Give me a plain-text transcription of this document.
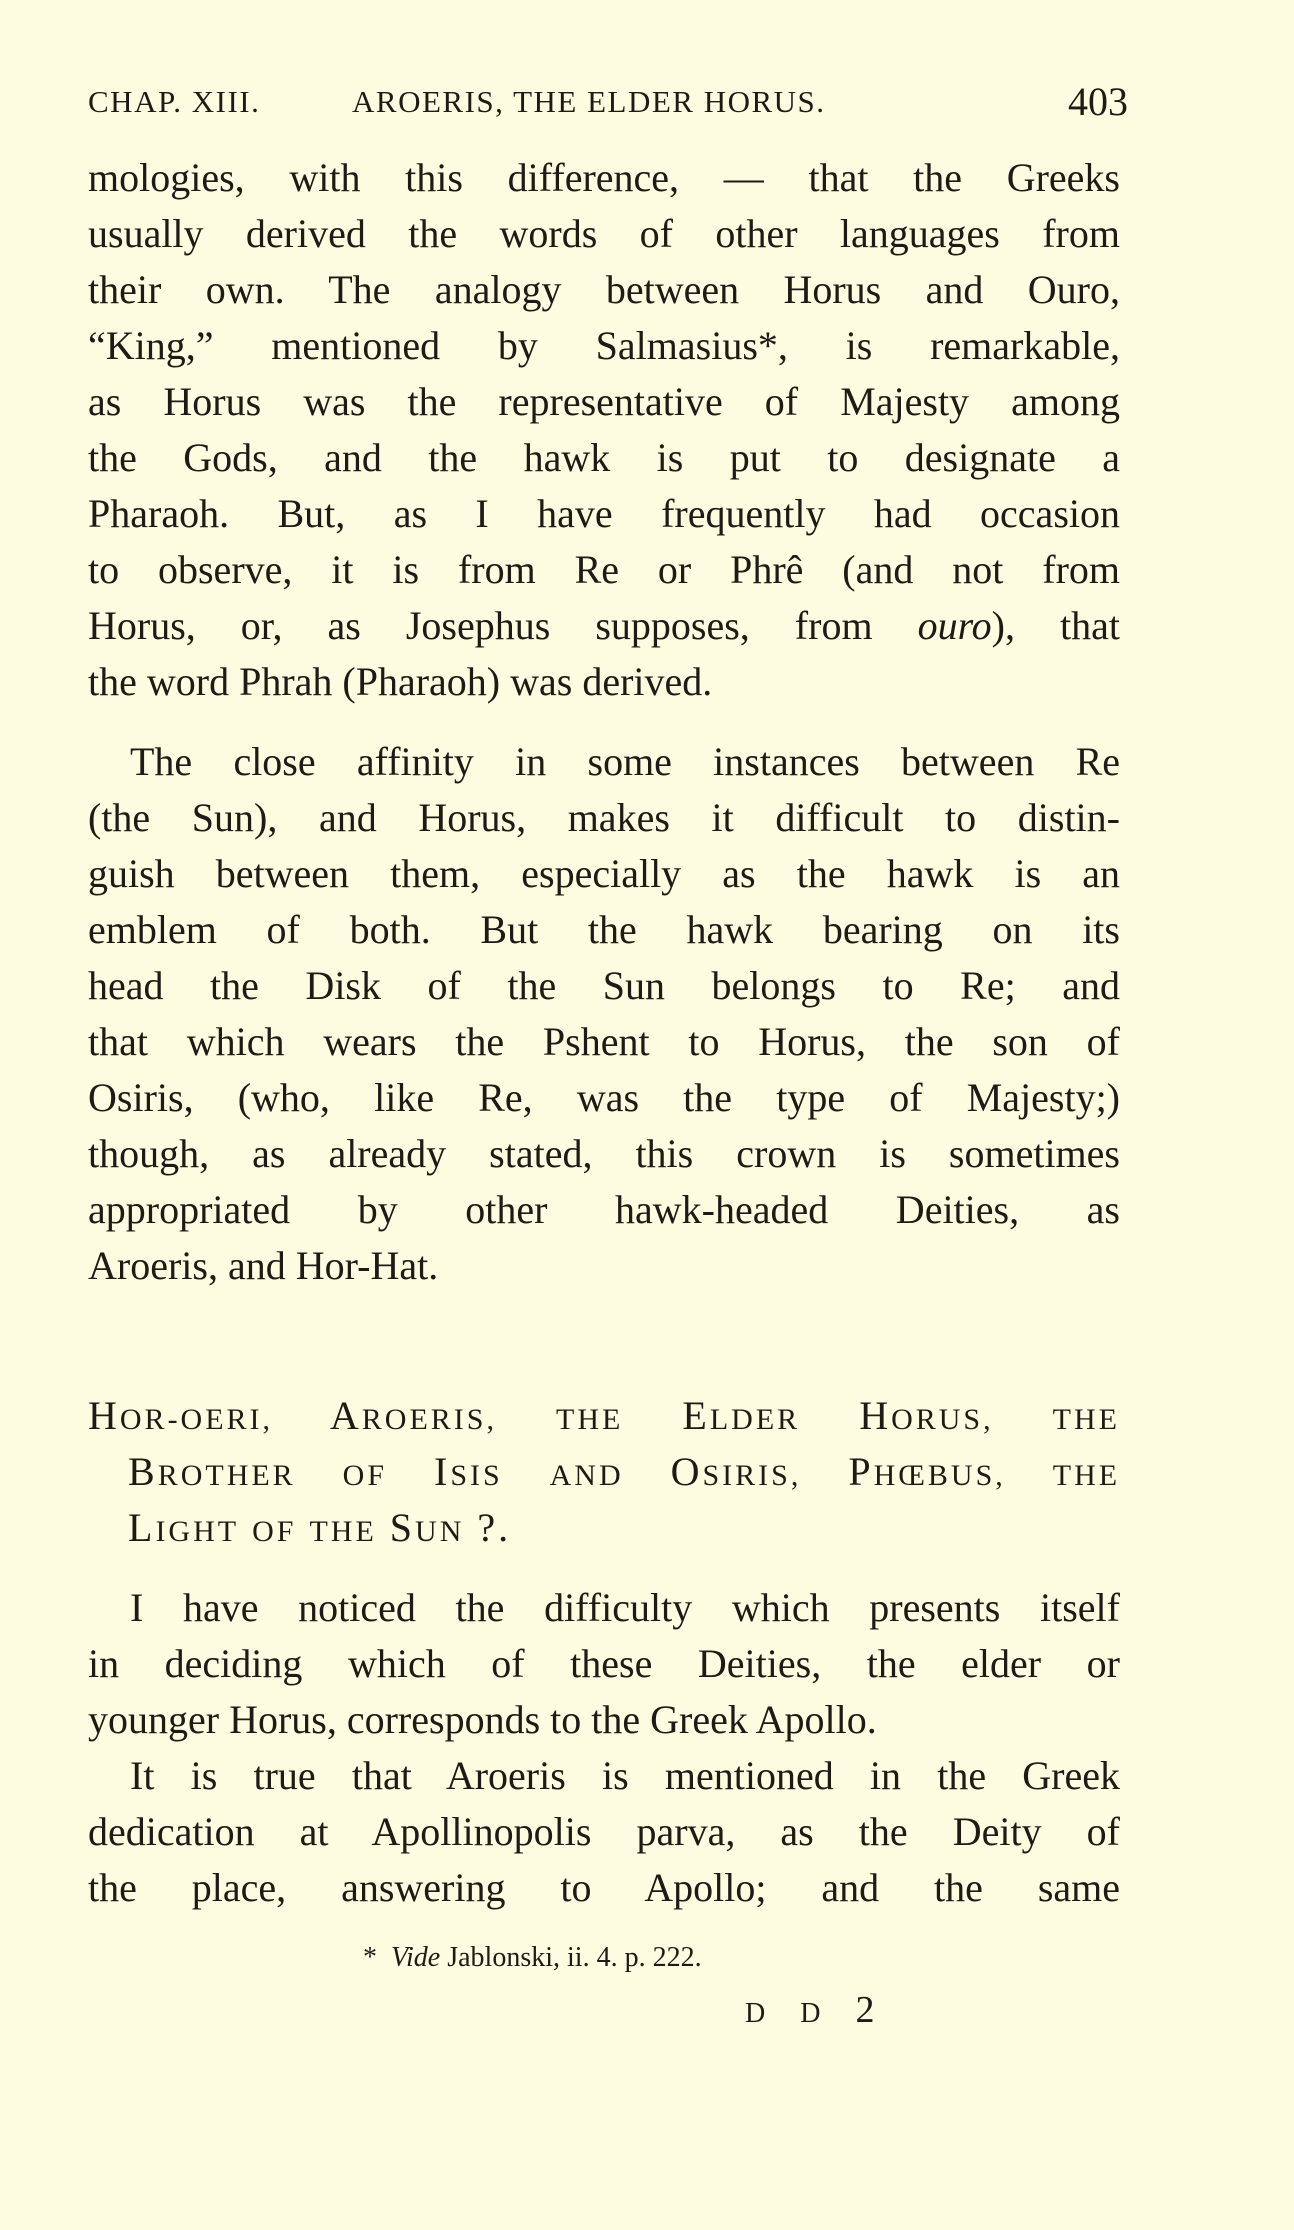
CHAP. XIII.	AROERIS, THE ELDER HORUS.	403
mologies, with this difference, — that the Greeks
usually derived the words of other languages from
their own. The analogy between Horus and Ouro,
“King,” mentioned by Salmasius*, is remarkable,
as Horus was the representative of Majesty among
the Gods, and the hawk is put to designate a
Pharaoh. But, as I have frequently had occasion
to observe, it is from Re or Phrê (and not from
Horus, or, as Josephus supposes, from ouro), that
the word Phrah (Pharaoh) was derived.
The close affinity in some instances between Re
(the Sun), and Horus, makes it difficult to distin-
guish between them, especially as the hawk is an
emblem of both. But the hawk bearing on its
head the Disk of the Sun belongs to Re; and
that which wears the Pshent to Horus, the son of
Osiris, (who, like Re, was the type of Majesty;)
though, as already stated, this crown is sometimes
appropriated by other hawk-headed Deities, as
Aroeris, and Hor-Hat.
HOR-OERI, AROERIS, THE ELDER HORUS, THE
BROTHER OF ISIS AND OSIRIS, PHŒBUS, THE
LIGHT OF THE SUN ?.
I have noticed the difficulty which presents itself
in deciding which of these Deities, the elder or
younger Horus, corresponds to the Greek Apollo.
It is true that Aroeris is mentioned in the Greek
dedication at Apollinopolis parva, as the Deity of
the place, answering to Apollo; and the same
* Vide Jablonski, ii. 4. p. 222.
D D 2
